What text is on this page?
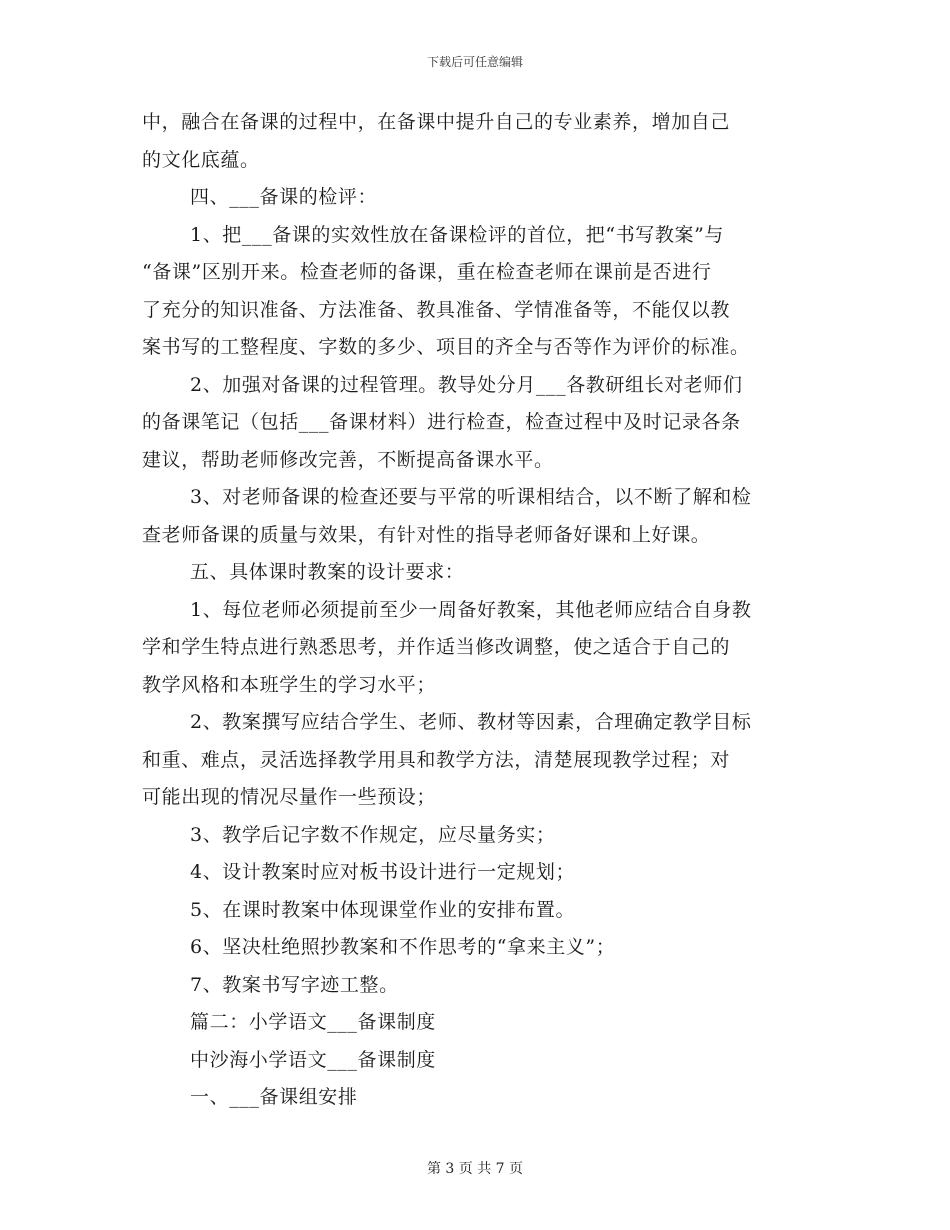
下载后可任意编辑
中，融合在备课的过程中，在备课中提升自己的专业素养，增加自己
的文化底蕴。
四、___备课的检评：
1、把___备课的实效性放在备课检评的首位，把“书写教案”与
“备课”区别开来。检查老师的备课，重在检查老师在课前是否进行
了充分的知识准备、方法准备、教具准备、学情准备等，不能仅以教
案书写的工整程度、字数的多少、项目的齐全与否等作为评价的标准。
2、加强对备课的过程管理。教导处分月___各教研组长对老师们
的备课笔记（包括___备课材料）进行检查，检查过程中及时记录各条
建议，帮助老师修改完善，不断提高备课水平。
3、对老师备课的检查还要与平常的听课相结合，以不断了解和检
查老师备课的质量与效果，有针对性的指导老师备好课和上好课。
五、具体课时教案的设计要求：
1、每位老师必须提前至少一周备好教案，其他老师应结合自身教
学和学生特点进行熟悉思考，并作适当修改调整，使之适合于自己的
教学风格和本班学生的学习水平；
2、教案撰写应结合学生、老师、教材等因素，合理确定教学目标
和重、难点，灵活选择教学用具和教学方法，清楚展现教学过程；对
可能出现的情况尽量作一些预设；
3、教学后记字数不作规定，应尽量务实；
4、设计教案时应对板书设计进行一定规划；
5、在课时教案中体现课堂作业的安排布置。
6、坚决杜绝照抄教案和不作思考的“拿来主义”；
7、教案书写字迹工整。
篇二：小学语文___备课制度
中沙海小学语文___备课制度
一、___备课组安排
第 3 页 共 7 页
